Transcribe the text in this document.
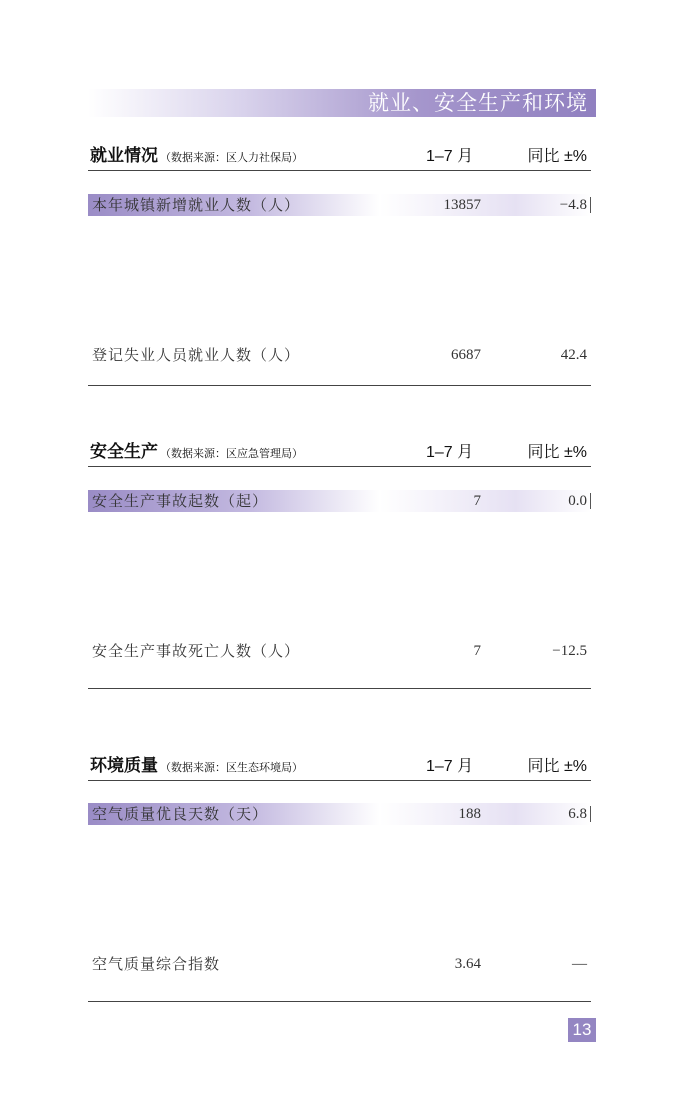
就业、安全生产和环境
就业情况 （数据来源：区人力社保局）	1–7 月	同比 ±%
本年城镇新增就业人数（人）	13857	−4.8
登记失业人员就业人数（人）	6687	42.4
安全生产 （数据来源：区应急管理局）	1–7 月	同比 ±%
安全生产事故起数（起）	7	0.0
安全生产事故死亡人数（人）	7	−12.5
环境质量 （数据来源：区生态环境局）	1–7 月	同比 ±%
空气质量优良天数（天）	188	6.8
空气质量综合指数	3.64	—
13
